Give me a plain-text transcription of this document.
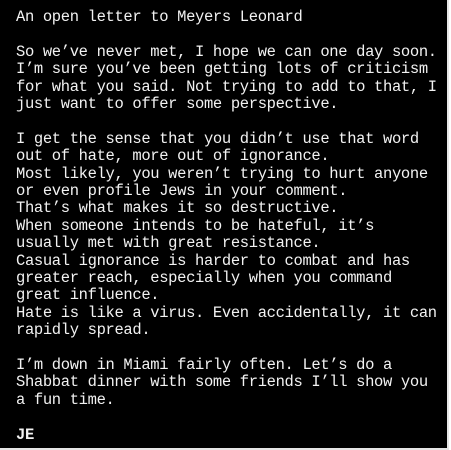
An open letter to Meyers Leonard
So we’ve never met, I hope we can one day soon.
I’m sure you’ve been getting lots of criticism
for what you said. Not trying to add to that, I
just want to offer some perspective.
I get the sense that you didn’t use that word
out of hate, more out of ignorance.
Most likely, you weren’t trying to hurt anyone
or even profile Jews in your comment.
That’s what makes it so destructive.
When someone intends to be hateful, it’s
usually met with great resistance.
Casual ignorance is harder to combat and has
greater reach, especially when you command
great influence.
Hate is like a virus. Even accidentally, it can
rapidly spread.
I’m down in Miami fairly often. Let’s do a
Shabbat dinner with some friends I’ll show you
a fun time.
JE
